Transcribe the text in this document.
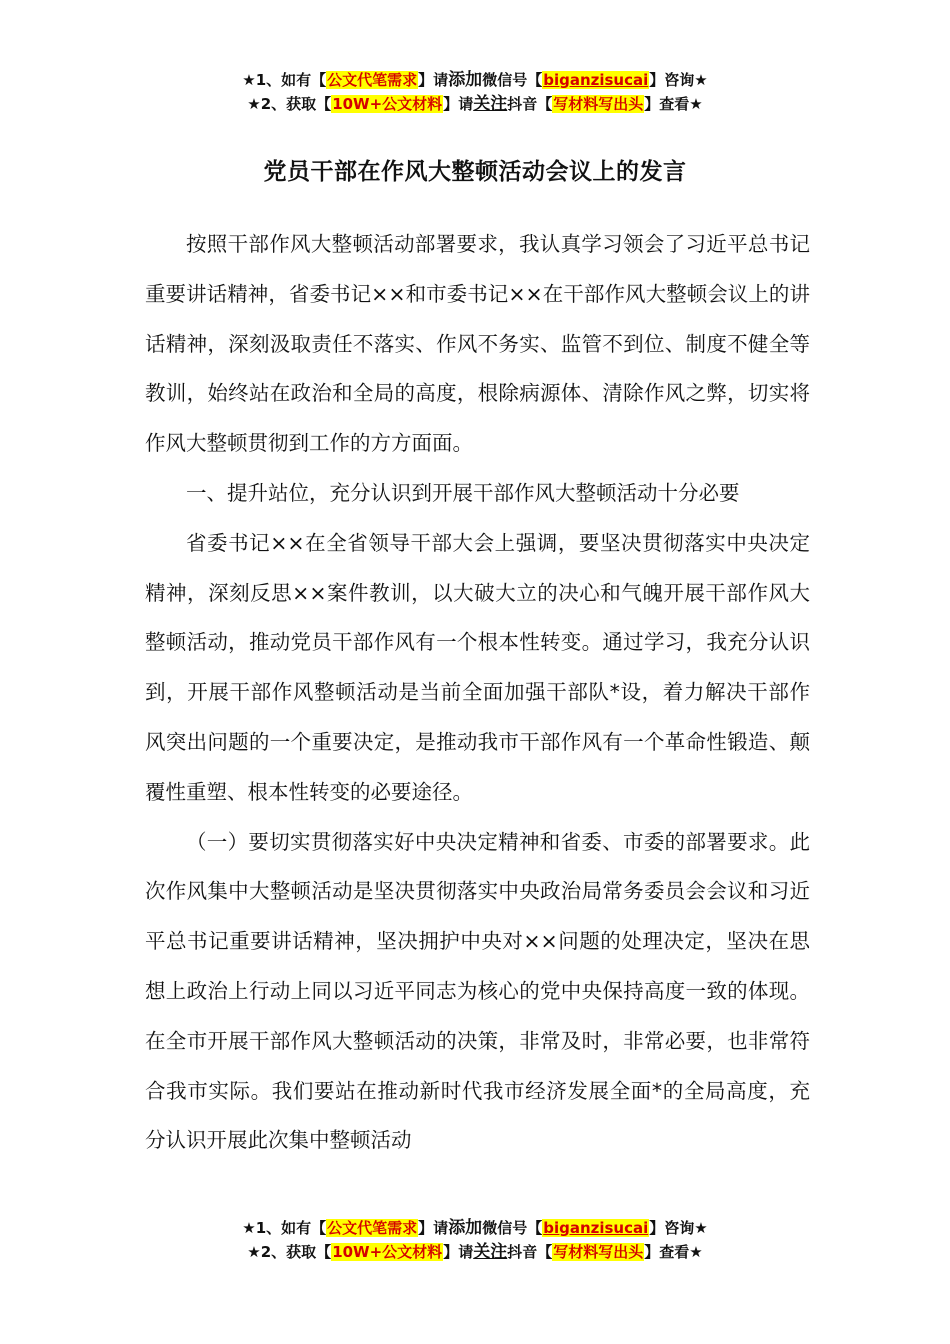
★1、如有【公文代笔需求】请添加微信号【biganzisucai】咨询★
★2、获取【10W+公文材料】请关注抖音【写材料写出头】查看★
党员干部在作风大整顿活动会议上的发言

按照干部作风大整顿活动部署要求，我认真学习领会了习近平总书记重要讲话精神，省委书记××和市委书记××在干部作风大整顿会议上的讲话精神，深刻汲取责任不落实、作风不务实、监管不到位、制度不健全等教训，始终站在政治和全局的高度，根除病源体、清除作风之弊，切实将作风大整顿贯彻到工作的方方面面。

一、提升站位，充分认识到开展干部作风大整顿活动十分必要

省委书记××在全省领导干部大会上强调，要坚决贯彻落实中央决定精神，深刻反思××案件教训，以大破大立的决心和气魄开展干部作风大整顿活动，推动党员干部作风有一个根本性转变。通过学习，我充分认识到，开展干部作风整顿活动是当前全面加强干部队*设，着力解决干部作风突出问题的一个重要决定，是推动我市干部作风有一个革命性锻造、颠覆性重塑、根本性转变的必要途径。

（一）要切实贯彻落实好中央决定精神和省委、市委的部署要求。此次作风集中大整顿活动是坚决贯彻落实中央政治局常务委员会会议和习近平总书记重要讲话精神，坚决拥护中央对××问题的处理决定，坚决在思想上政治上行动上同以习近平同志为核心的党中央保持高度一致的体现。在全市开展干部作风大整顿活动的决策，非常及时，非常必要，也非常符合我市实际。我们要站在推动新时代我市经济发展全面*的全局高度，充分认识开展此次集中整顿活动

★1、如有【公文代笔需求】请添加微信号【biganzisucai】咨询★
★2、获取【10W+公文材料】请关注抖音【写材料写出头】查看★
